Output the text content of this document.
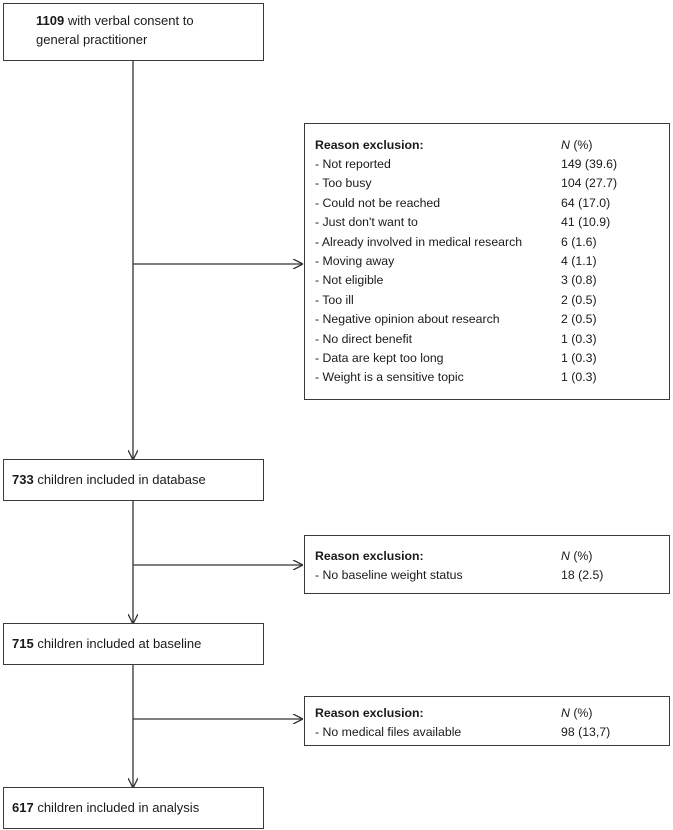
1109 with verbal consent to
general practitioner
733 children included in database
715 children included at baseline
617 children included in analysis
Reason exclusion:	N (%)
- Not reported	149 (39.6)
- Too busy	104 (27.7)
- Could not be reached	64 (17.0)
- Just don't want to	41 (10.9)
- Already involved in medical research	6 (1.6)
- Moving away	4 (1.1)
- Not eligible	3 (0.8)
- Too ill	2 (0.5)
- Negative opinion about research	2 (0.5)
- No direct benefit	1 (0.3)
- Data are kept too long	1 (0.3)
- Weight is a sensitive topic	1 (0.3)
Reason exclusion:	N (%)
- No baseline weight status	18 (2.5)
Reason exclusion:	N (%)
- No medical files available	98 (13,7)
